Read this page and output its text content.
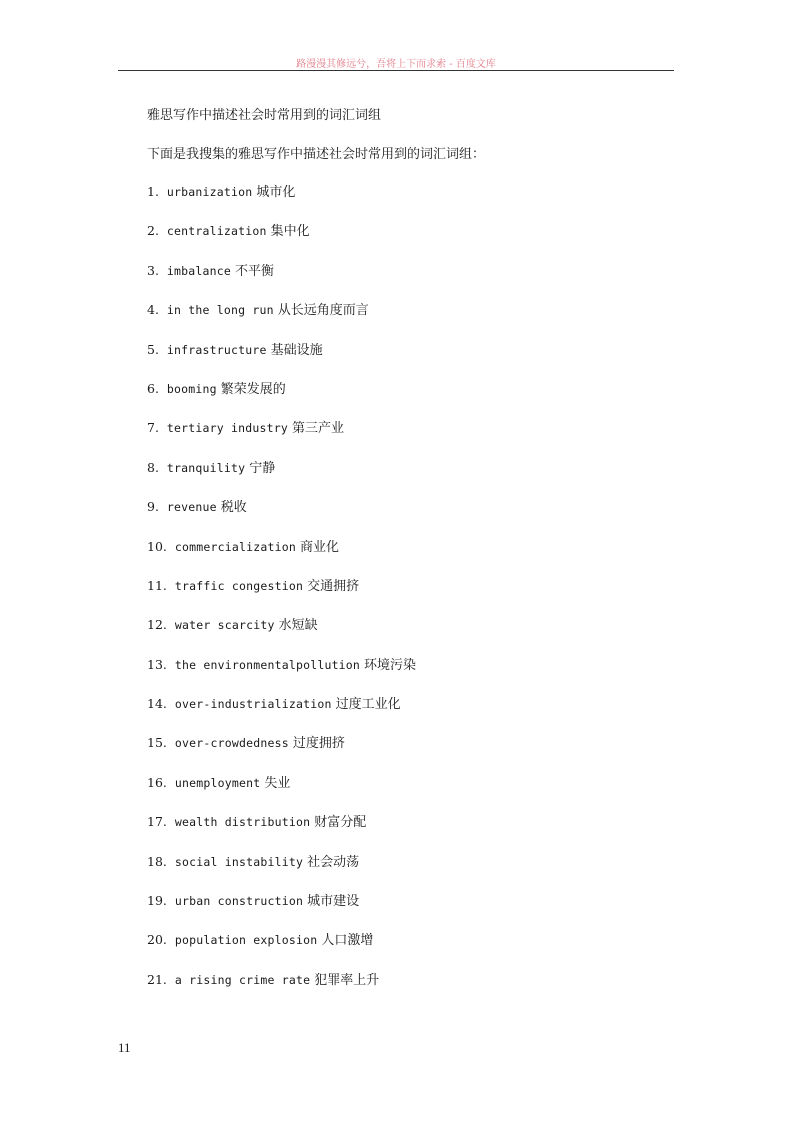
路漫漫其修远兮，吾将上下而求索 - 百度文库
雅思写作中描述社会时常用到的词汇词组
下面是我搜集的雅思写作中描述社会时常用到的词汇词组：
1. urbanization 城市化
2. centralization 集中化
3. imbalance 不平衡
4. in the long run 从长远角度而言
5. infrastructure 基础设施
6. booming 繁荣发展的
7. tertiary industry 第三产业
8. tranquility 宁静
9. revenue 税收
10. commercialization 商业化
11. traffic congestion 交通拥挤
12. water scarcity 水短缺
13. the environmentalpollution 环境污染
14. over-industrialization 过度工业化
15. over-crowdedness 过度拥挤
16. unemployment 失业
17. wealth distribution 财富分配
18. social instability 社会动荡
19. urban construction 城市建设
20. population explosion 人口激增
21. a rising crime rate 犯罪率上升
11
